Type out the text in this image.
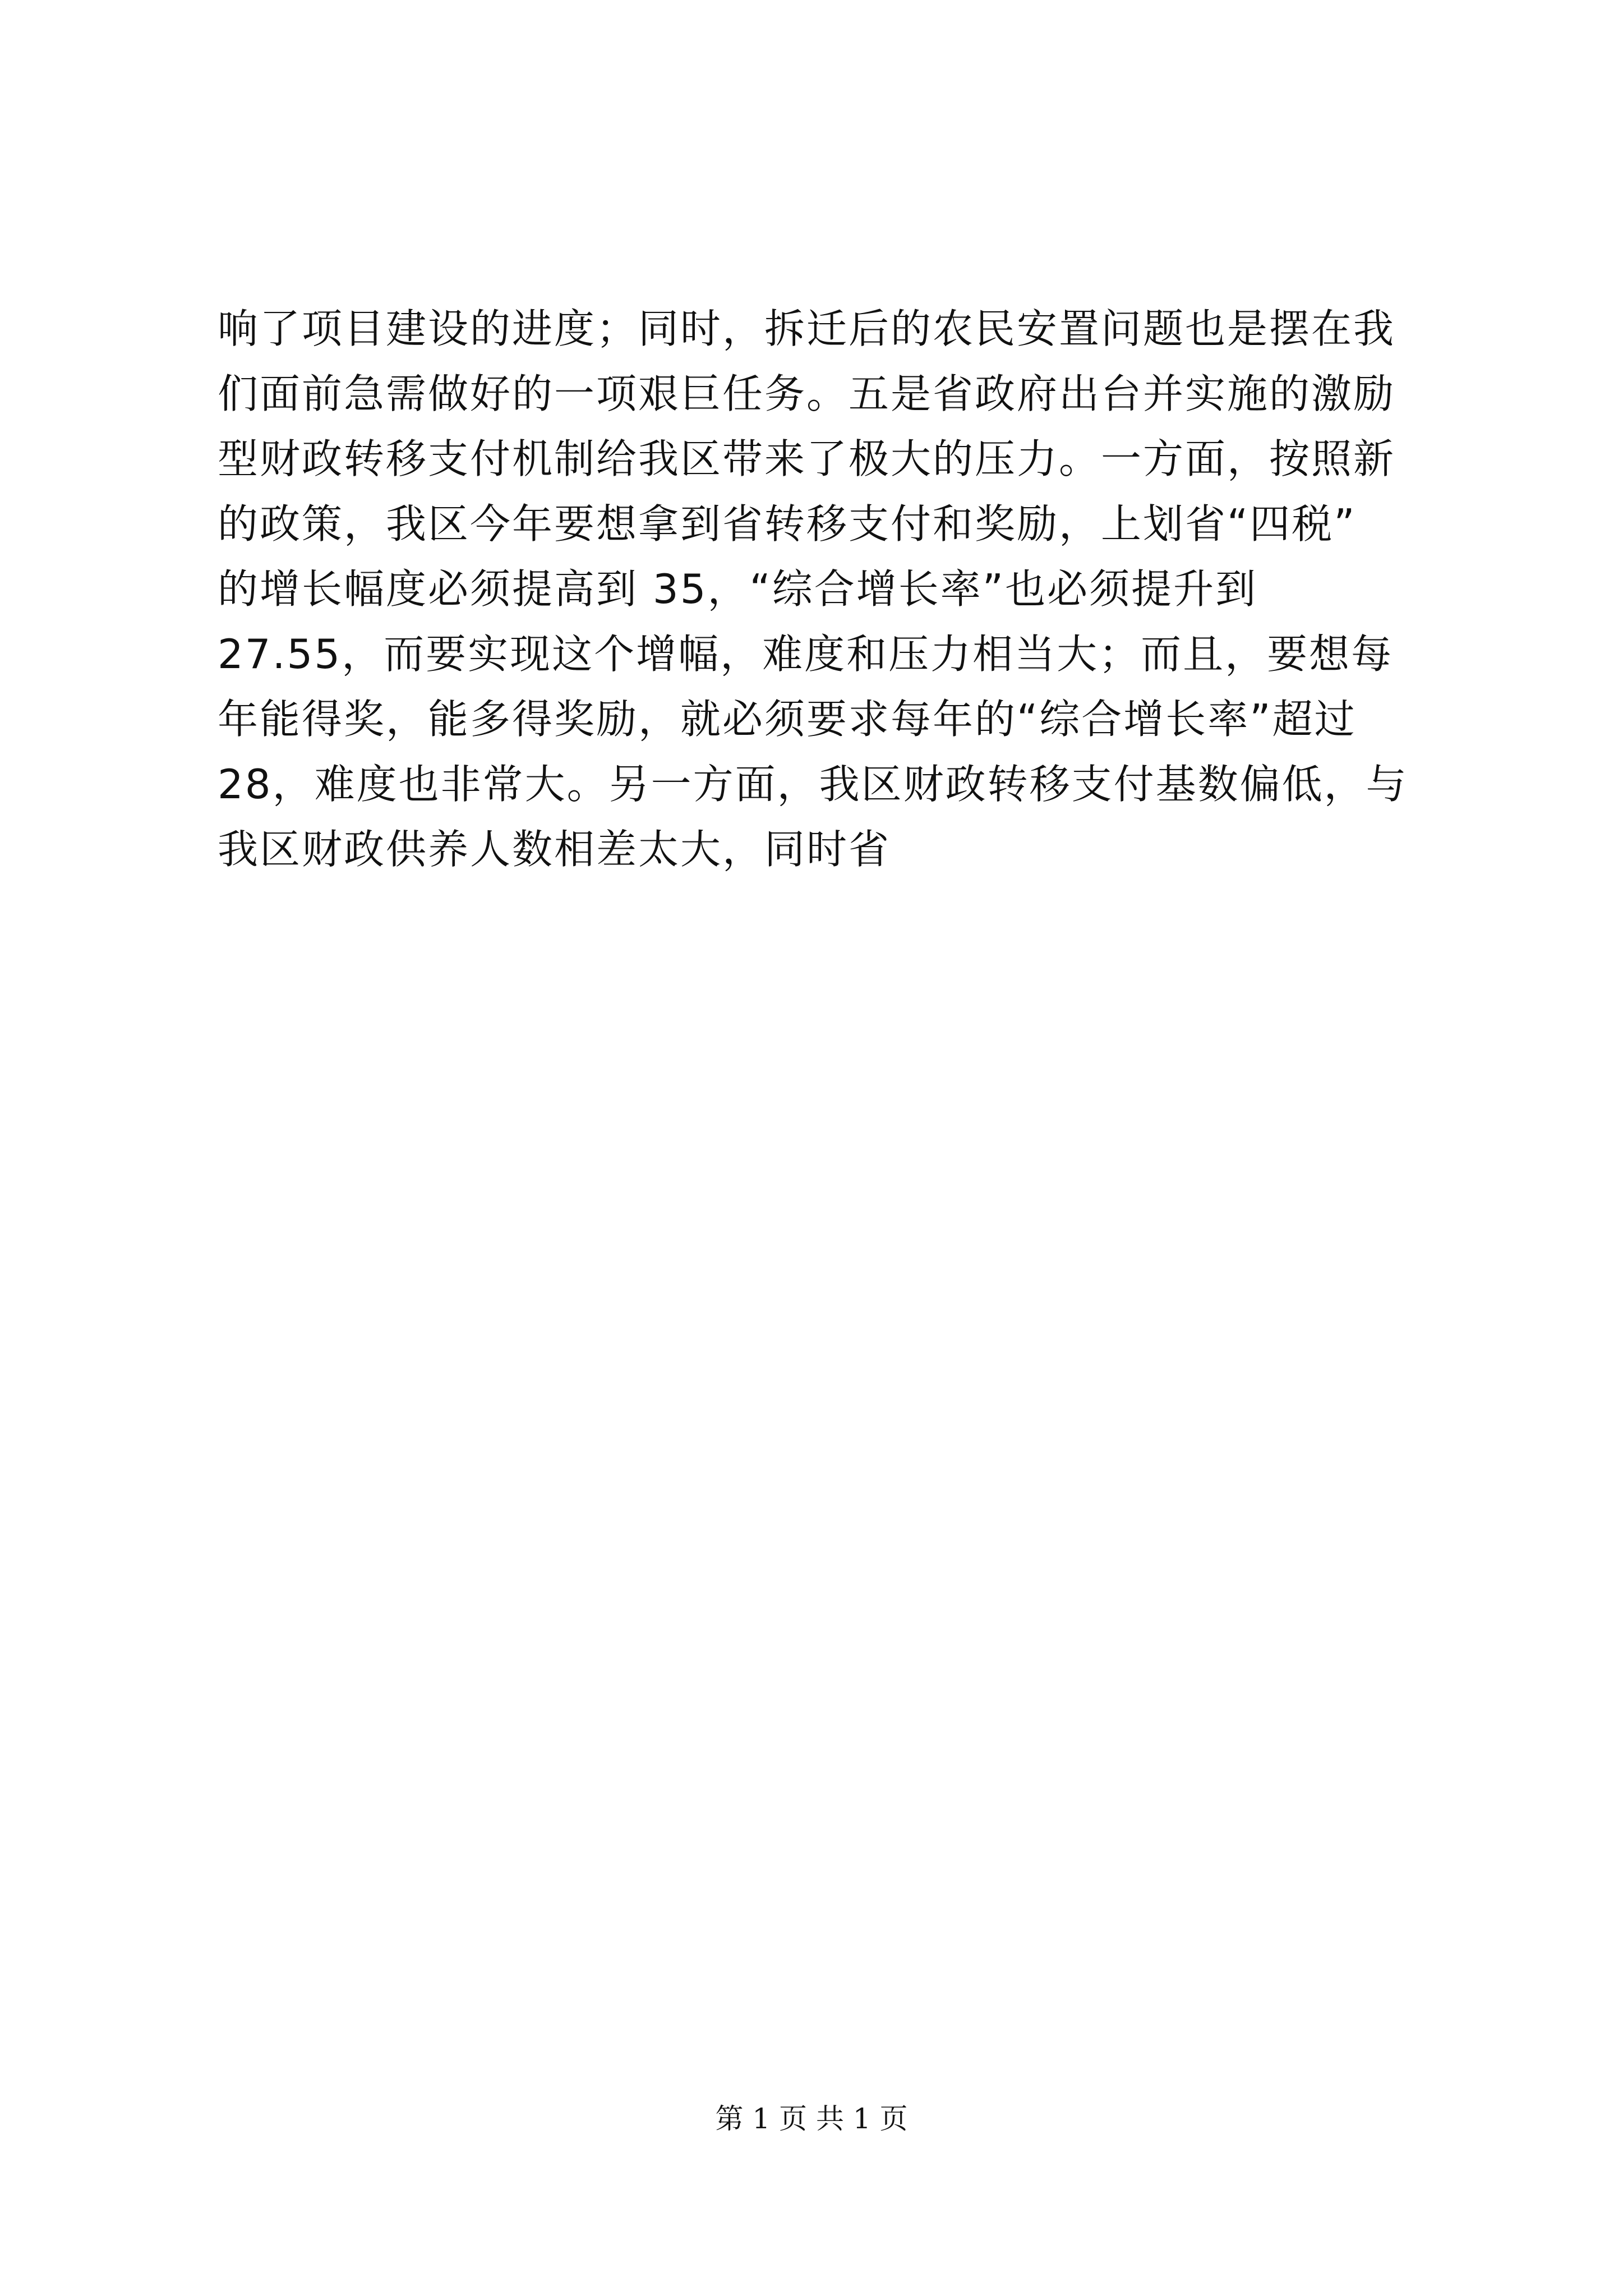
响了项目建设的进度；同时，拆迁后的农民安置问题也是摆在我
们面前急需做好的一项艰巨任务。五是省政府出台并实施的激励
型财政转移支付机制给我区带来了极大的压力。一方面，按照新
的政策，我区今年要想拿到省转移支付和奖励，上划省“四税”
的增长幅度必须提高到 35，“综合增长率”也必须提升到
27.55，而要实现这个增幅，难度和压力相当大；而且，要想每
年能得奖，能多得奖励，就必须要求每年的“综合增长率”超过
28，难度也非常大。另一方面，我区财政转移支付基数偏低，与
我区财政供养人数相差太大，同时省
第 1 页 共 1 页
